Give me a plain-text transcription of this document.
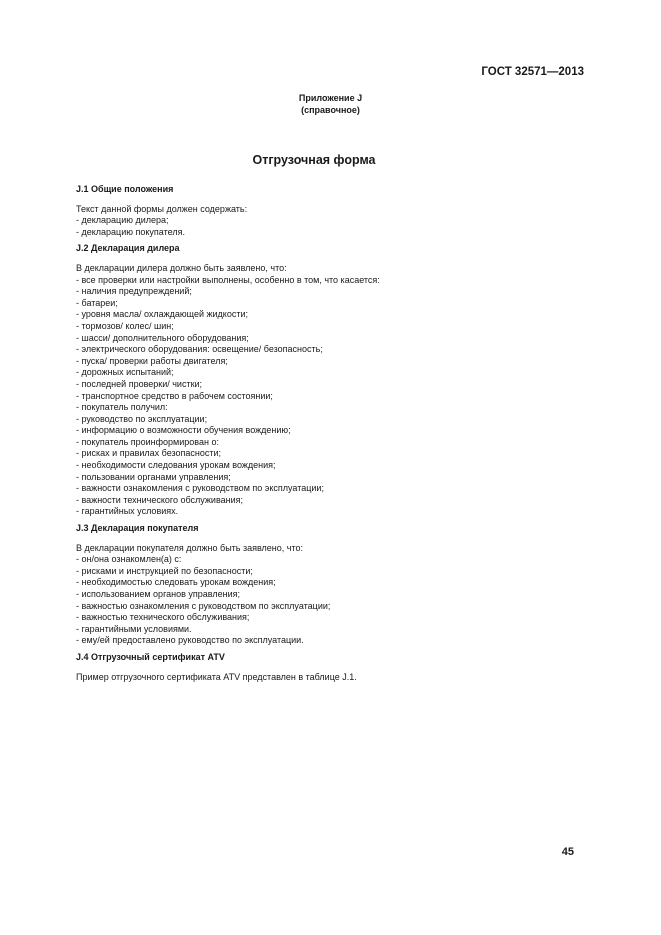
ГОСТ 32571—2013
Приложение J
(справочное)
Отгрузочная форма
J.1 Общие положения
Текст данной формы должен содержать:
- декларацию дилера;
- декларацию покупателя.
J.2 Декларация дилера
В декларации дилера должно быть заявлено, что:
- все проверки или настройки выполнены, особенно в том, что касается:
- наличия предупреждений;
- батареи;
- уровня масла/ охлаждающей жидкости;
- тормозов/ колес/ шин;
- шасси/ дополнительного оборудования;
- электрического оборудования: освещение/ безопасность;
- пуска/ проверки работы двигателя;
- дорожных испытаний;
- последней проверки/ чистки;
- транспортное средство в рабочем состоянии;
- покупатель получил:
- руководство по эксплуатации;
- информацию о возможности обучения вождению;
- покупатель проинформирован о:
- рисках и правилах безопасности;
- необходимости следования урокам вождения;
- пользовании органами управления;
- важности ознакомления с руководством по эксплуатации;
- важности технического обслуживания;
- гарантийных условиях.
J.3 Декларация покупателя
В декларации покупателя должно быть заявлено, что:
- он/она ознакомлен(а) с:
- рисками и инструкцией по безопасности;
- необходимостью следовать урокам вождения;
- использованием органов управления;
- важностью ознакомления с руководством по эксплуатации;
- важностью технического обслуживания;
- гарантийными условиями.
- ему/ей предоставлено руководство по эксплуатации.
J.4 Отгрузочный сертификат ATV
Пример отгрузочного сертификата ATV представлен в таблице J.1.
45
